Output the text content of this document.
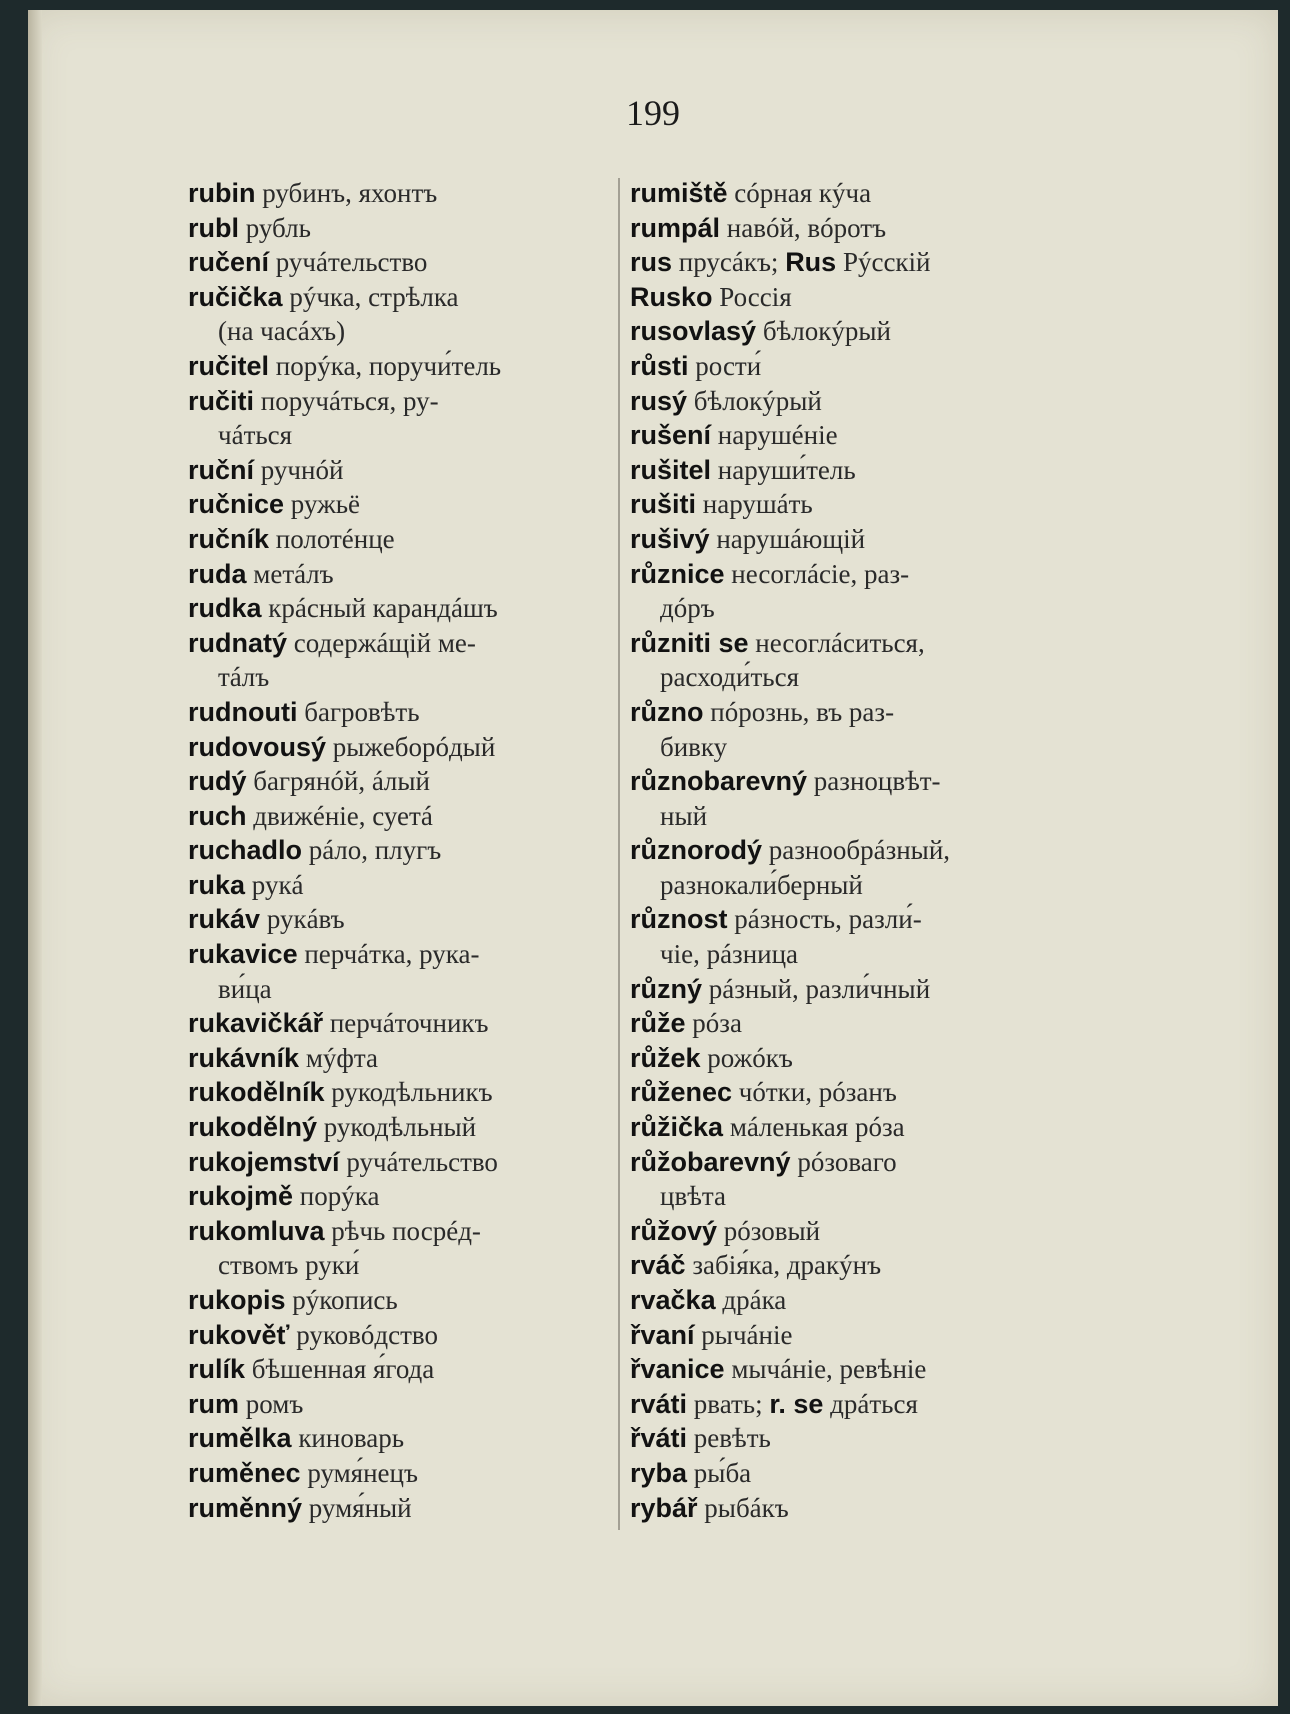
199
rubin рубинъ, яхонтъ
rubl рубль
ručení ручáтельство
ručička рýчка, стрѣлка
(на часáхъ)
ručitel порýка, поручи́тель
ručiti поручáться, ру-
чáться
ruční ручнóй
ručnice ружьё
ručník полотéнце
ruda метáлъ
rudka крáсный карандáшъ
rudnatý содержáщій ме-
тáлъ
rudnouti багровѣть
rudovousý рыжеборóдый
rudý багрянóй, áлый
ruch движéніе, суетá
ruchadlo рáло, плугъ
ruka рукá
rukáv рукáвъ
rukavice перчáтка, рука-
ви́ца
rukavičkář перчáточникъ
rukávník мýфта
rukodělník рукодѣльникъ
rukodělný рукодѣльный
rukojemství ручáтельство
rukojmě порýка
rukomluva рѣчь посрéд-
ствомъ руки́
rukopis рýкопись
rukověť руковóдство
rulík бѣшенная я́года
rum ромъ
rumělka киноварь
ruměnec румя́нецъ
ruměnný румя́ный
rumiště сóрная кýча
rumpál навóй, вóротъ
rus прусáкъ; Rus Рýсскій
Rusko Россія
rusovlasý бѣлокýрый
růsti рости́
rusý бѣлокýрый
rušení нарушéніе
rušitel наруши́тель
rušiti нарушáть
rušivý нарушáющій
různice несоглáсіе, раз-
дóръ
různiti se несоглáситься,
расходи́ться
různo пóрознь, въ раз-
бивку
různobarevný разноцвѣт-
ный
různorodý разнообрáзный,
разнокали́берный
různost рáзность, разли́-
чіе, рáзница
různý рáзный, разли́чный
růže рóза
růžek рожóкъ
růženec чóтки, рóзанъ
růžička мáленькая рóза
růžobarevný рóзоваго
цвѣта
růžový рóзовый
rváč забія́ка, дракýнъ
rvačka дрáка
řvaní рычáніе
řvanice мычáніе, ревѣніе
rváti рвать; r. se дрáться
řváti ревѣть
ryba ры́ба
rybář рыбáкъ
